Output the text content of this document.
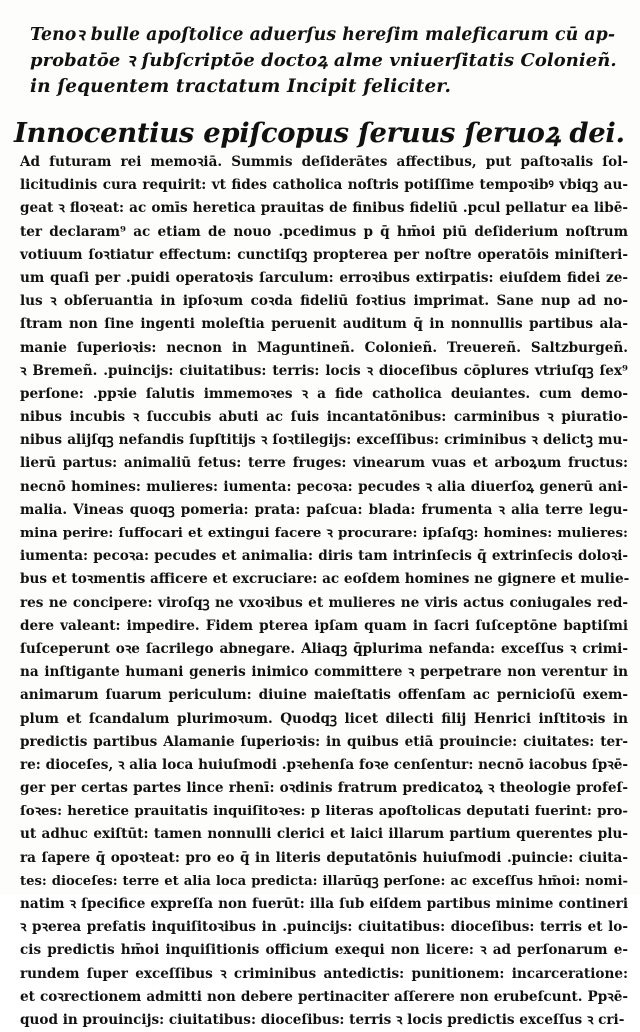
Tenoꝛ bulle apoſtolice aduerſus hereſim maleficarum cū ap-
probatōe ꝛ ſubſcriptōe doctoꝝ alme vniuerſitatis Colonieñ.
in ſequentem tractatum Incipit feliciter.
Innocentius epiſcopus ſeruus ſeruoꝝ dei.
Ad futuram rei memoꝛiā. Summis deſiderātes affectibus, put paſtoꝛalis ſol-
licitudinis cura requirit: vt fides catholica noſtris potiſſime tempoꝛibꝰ vbiqꝫ au-
geat ꝛ floꝛeat: ac omīs heretica prauitas de finibus fideliū .pcul pellatur ea libē-
ter declaram⁹ ac etiam de nouo .pcedimus p q̄ hm̄oi piū deſiderium noſtrum
votiuum ſoꝛtiatur effectum: cunctiſqꝫ propterea per noſtre operatōis miniſteri-
um quaſi per .puidi operatoꝛis ſarculum: erroꝛibus extirpatis: eiuſdem fidei ze-
lus ꝛ obſeruantia in ipſoꝛum coꝛda fideliū foꝛtius imprimat. Sane nup ad no-
ſtram non ſine ingenti moleſtia peruenit auditum q̄ in nonnullis partibus ala-
manie ſuperioꝛis: necnon in Maguntineñ. Colonieñ. Treuereñ. Saltzburgeñ.
ꝛ Bremeñ. .puincijs: ciuitatibus: terris: locis ꝛ dioceſibus cōplures vtriuſqꝫ ſex⁹
perſone: .ppꝛie ſalutis immemoꝛes ꝛ a fide catholica deuiantes. cum demo-
nibus incubis ꝛ ſuccubis abuti ac ſuis incantatōnibus: carminibus ꝛ piuratio-
nibus alijſqꝫ nefandis ſupſtitijs ꝛ ſoꝛtilegijs: exceſſibus: criminibus ꝛ delictꝫ mu-
lierū partus: animaliū fetus: terre fruges: vinearum vuas et arboꝝum fructus:
necnō homines: mulieres: iumenta: pecoꝛa: pecudes ꝛ alia diuerſoꝝ generū ani-
malia. Vineas quoqꝫ pomeria: prata: paſcua: blada: frumenta ꝛ alia terre legu-
mina perire: ſuffocari et extingui facere ꝛ procurare: ipſaſqꝫ: homines: mulieres:
iumenta: pecoꝛa: pecudes et animalia: diris tam intrinſecis q̄ extrinſecis doloꝛi-
bus et toꝛmentis afficere et excruciare: ac eoſdem homines ne gignere et mulie-
res ne concipere: viroſqꝫ ne vxoꝛibus et mulieres ne viris actus coniugales red-
dere valeant: impedire. Fidem pterea ipſam quam in ſacri ſuſceptōne baptiſmi
ſuſceperunt oꝛe ſacrilego abnegare. Aliaqꝫ q̄plurima nefanda: exceſſus ꝛ crimi-
na inſtigante humani generis inimico committere ꝛ perpetrare non verentur in
animarum ſuarum periculum: diuine maieſtatis offenſam ac pernicioſū exem-
plum et ſcandalum plurimoꝛum. Quodqꝫ licet dilecti filij Henrici inſtitoꝛis in
predictis partibus Alamanie ſuperioꝛis: in quibus etiā prouincie: ciuitates: ter-
re: dioceſes, ꝛ alia loca huiuſmodi .pꝛehenſa foꝛe cenſentur: necnō iacobus ſpꝛē-
ger per certas partes lince rhenī: oꝛdinis fratrum predicatoꝝ ꝛ theologie profeſ-
ſoꝛes: heretice prauitatis inquiſitoꝛes: p literas apoſtolicas deputati fuerint: pro-
ut adhuc exiſtūt: tamen nonnulli clerici et laici illarum partium querentes plu-
ra ſapere q̄ opoꝛteat: pro eo q̄ in literis deputatōnis huiuſmodi .puincie: ciuita-
tes: dioceſes: terre et alia loca predicta: illarūqꝫ perſone: ac exceſſus hm̄oi: nomi-
natim ꝛ ſpecifice expreſſa non fuerūt: illa ſub eiſdem partibus minime contineri
ꝛ pꝛerea prefatis inquiſitoꝛibus in .puincijs: ciuitatibus: dioceſibus: terris et lo-
cis predictis hm̄oi inquiſitionis officium exequi non licere: ꝛ ad perſonarum e-
rundem ſuper exceſſibus ꝛ criminibus antedictis: punitionem: incarceratione:
et coꝛrectionem admitti non debere pertinaciter aſſerere non erubeſcunt. Ppꝛē-
quod in prouincijs: ciuitatibus: dioceſibus: terris ꝛ locis predictis exceſſus ꝛ cri-
